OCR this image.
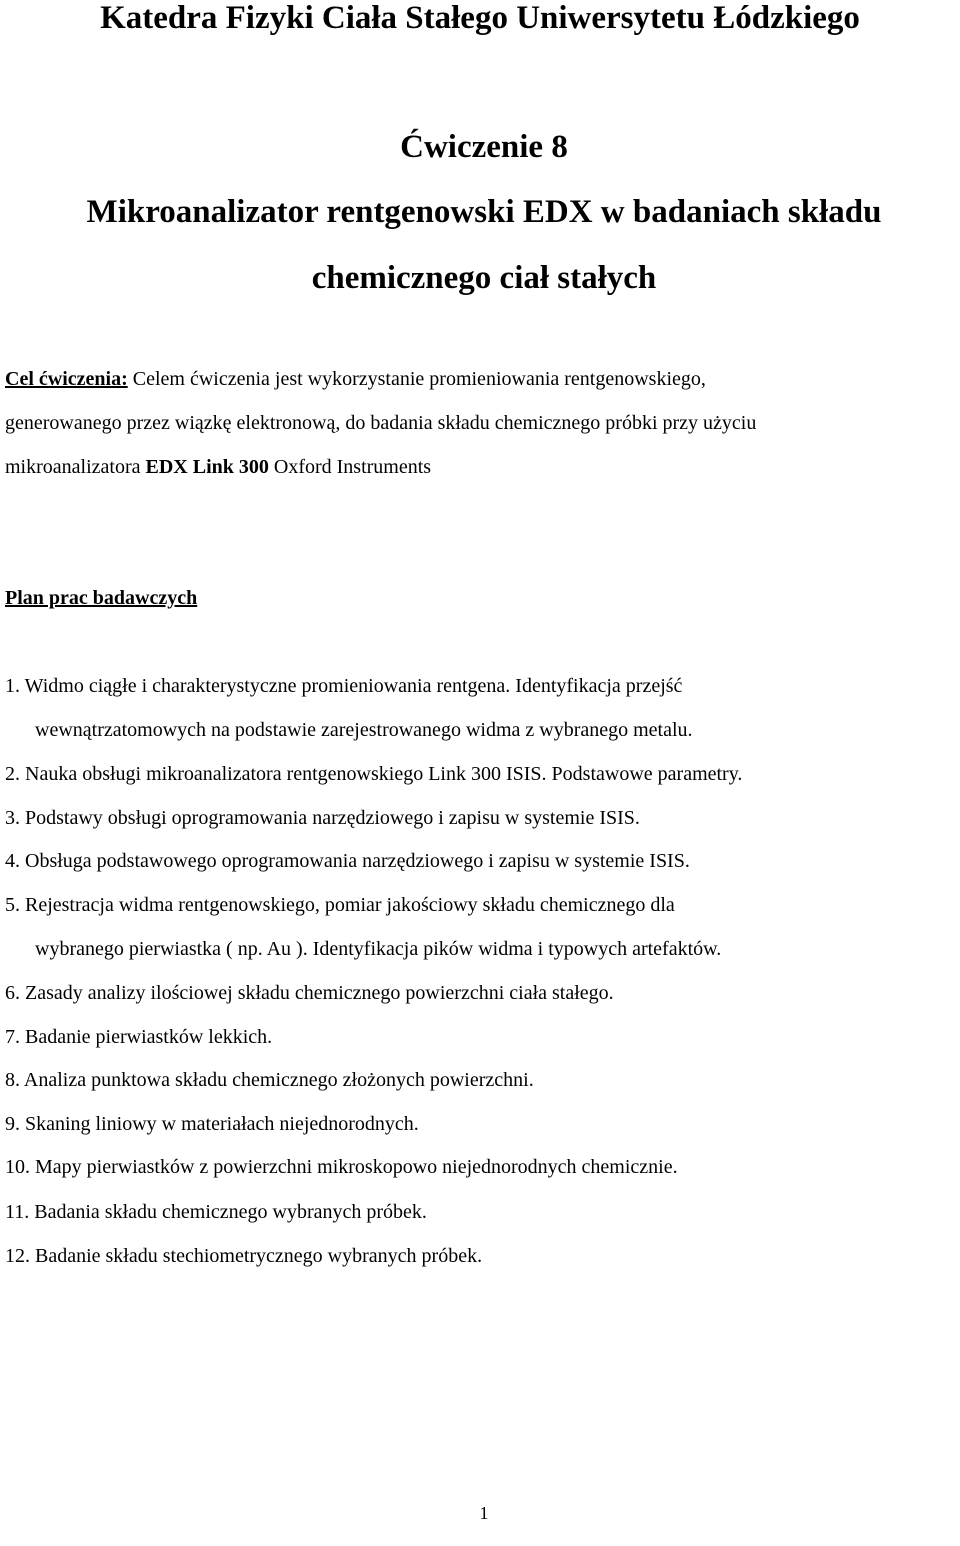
Katedra Fizyki Ciała Stałego Uniwersytetu Łódzkiego
Ćwiczenie 8
Mikroanalizator rentgenowski EDX w badaniach składu
chemicznego ciał stałych
Cel ćwiczenia: Celem ćwiczenia jest wykorzystanie promieniowania rentgenowskiego,
generowanego przez wiązkę elektronową, do badania składu chemicznego próbki przy użyciu
mikroanalizatora EDX Link 300 Oxford Instruments
Plan prac badawczych
1. Widmo ciągłe i charakterystyczne promieniowania rentgena. Identyfikacja przejść
wewnątrzatomowych na podstawie zarejestrowanego widma z wybranego metalu.
2. Nauka obsługi mikroanalizatora rentgenowskiego Link 300 ISIS. Podstawowe parametry.
3. Podstawy obsługi oprogramowania narzędziowego i zapisu w systemie ISIS.
4. Obsługa podstawowego oprogramowania narzędziowego i zapisu w systemie ISIS.
5. Rejestracja widma rentgenowskiego, pomiar jakościowy składu chemicznego dla
wybranego pierwiastka ( np. Au ). Identyfikacja pików widma i typowych artefaktów.
6. Zasady analizy ilościowej składu chemicznego powierzchni ciała stałego.
7. Badanie pierwiastków lekkich.
8. Analiza punktowa składu chemicznego złożonych powierzchni.
9. Skaning liniowy w materiałach niejednorodnych.
10. Mapy pierwiastków z powierzchni mikroskopowo niejednorodnych chemicznie.
11. Badania składu chemicznego wybranych próbek.
12. Badanie składu stechiometrycznego wybranych próbek.
1
